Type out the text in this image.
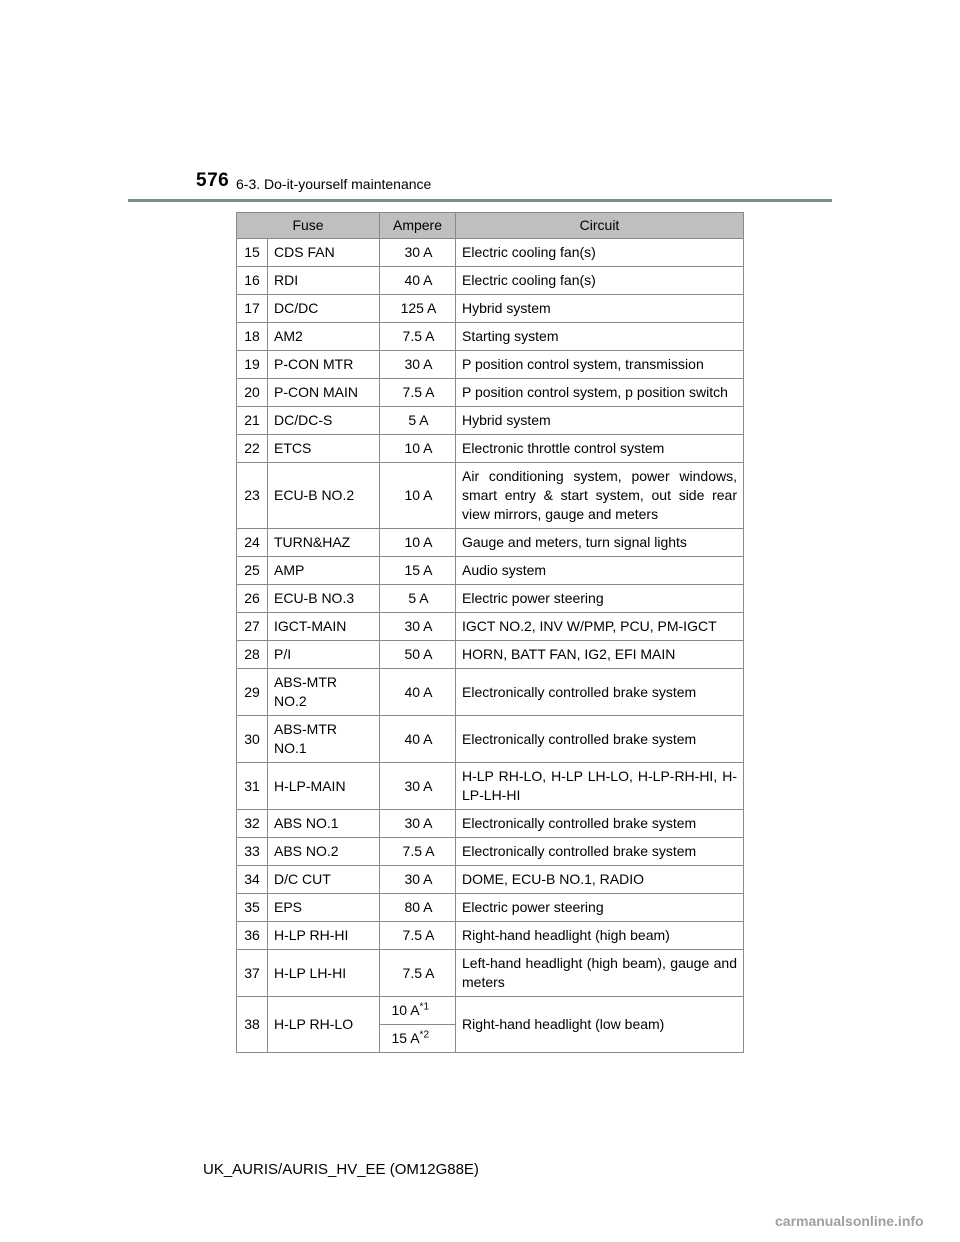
576 6-3. Do-it-yourself maintenance
Fuse		Ampere	Circuit
15	CDS FAN	30 A	Electric cooling fan(s)
16	RDI	40 A	Electric cooling fan(s)
17	DC/DC	125 A	Hybrid system
18	AM2	7.5 A	Starting system
19	P-CON MTR	30 A	P position control system, transmission
20	P-CON MAIN	7.5 A	P position control system, p position switch
21	DC/DC-S	5 A	Hybrid system
22	ETCS	10 A	Electronic throttle control system
23	ECU-B NO.2	10 A	Air conditioning system, power windows, smart entry & start system, out side rear view mirrors, gauge and meters
24	TURN&HAZ	10 A	Gauge and meters, turn signal lights
25	AMP	15 A	Audio system
26	ECU-B NO.3	5 A	Electric power steering
27	IGCT-MAIN	30 A	IGCT NO.2, INV W/PMP, PCU, PM-IGCT
28	P/I	50 A	HORN, BATT FAN, IG2, EFI MAIN
29	ABS-MTR NO.2	40 A	Electronically controlled brake system
30	ABS-MTR NO.1	40 A	Electronically controlled brake system
31	H-LP-MAIN	30 A	H-LP RH-LO, H-LP LH-LO, H-LP-RH-HI, H-LP-LH-HI
32	ABS NO.1	30 A	Electronically controlled brake system
33	ABS NO.2	7.5 A	Electronically controlled brake system
34	D/C CUT	30 A	DOME, ECU-B NO.1, RADIO
35	EPS	80 A	Electric power steering
36	H-LP RH-HI	7.5 A	Right-hand headlight (high beam)
37	H-LP LH-HI	7.5 A	Left-hand headlight (high beam), gauge and meters
38	H-LP RH-LO	10 $A^{*1}$	Right-hand headlight (low beam)
		15 $A^{*2}$
UK_AURIS/AURIS_HV_EE (OM12G88E)
carmanualsonline.info
